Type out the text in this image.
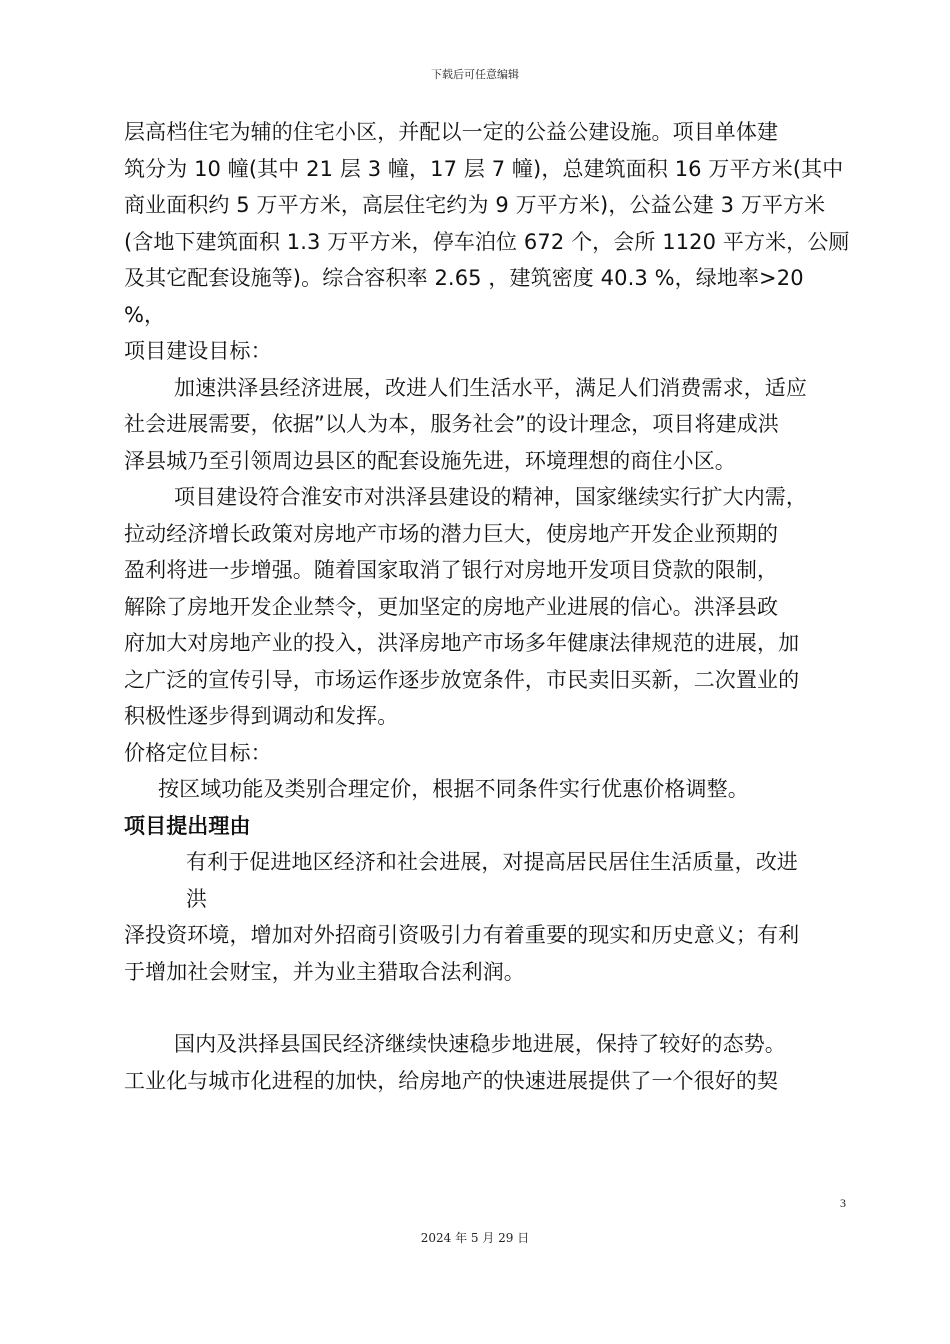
下载后可任意编辑
层高档住宅为辅的住宅小区，并配以一定的公益公建设施。项目单体建
筑分为 10 幢(其中 21 层 3 幢，17 层 7 幢)，总建筑面积 16 万平方米(其中
商业面积约 5 万平方米，高层住宅约为 9 万平方米)，公益公建 3 万平方米
(含地下建筑面积 1.3 万平方米，停车泊位 672 个，会所 1120 平方米，公厕
及其它配套设施等)。综合容积率 2.65 ，建筑密度 40.3 %，绿地率>20
%，
项目建设目标：
加速洪泽县经济进展，改进人们生活水平，满足人们消费需求，适应
社会进展需要，依据”以人为本，服务社会”的设计理念，项目将建成洪
泽县城乃至引领周边县区的配套设施先进，环境理想的商住小区。
项目建设符合淮安市对洪泽县建设的精神，国家继续实行扩大内需，
拉动经济增长政策对房地产市场的潜力巨大，使房地产开发企业预期的
盈利将进一步增强。随着国家取消了银行对房地开发项目贷款的限制，
解除了房地开发企业禁令，更加坚定的房地产业进展的信心。洪泽县政
府加大对房地产业的投入，洪泽房地产市场多年健康法律规范的进展，加
之广泛的宣传引导，市场运作逐步放宽条件，市民卖旧买新，二次置业的
积极性逐步得到调动和发挥。
价格定位目标：
按区域功能及类别合理定价，根据不同条件实行优惠价格调整。
项目提出理由
有利于促进地区经济和社会进展，对提高居民居住生活质量，改进
洪
泽投资环境，增加对外招商引资吸引力有着重要的现实和历史意义；有利
于增加社会财宝，并为业主猎取合法利润。
国内及洪择县国民经济继续快速稳步地进展，保持了较好的态势。
工业化与城市化进程的加快，给房地产的快速进展提供了一个很好的契
3
2024 年 5 月 29 日
